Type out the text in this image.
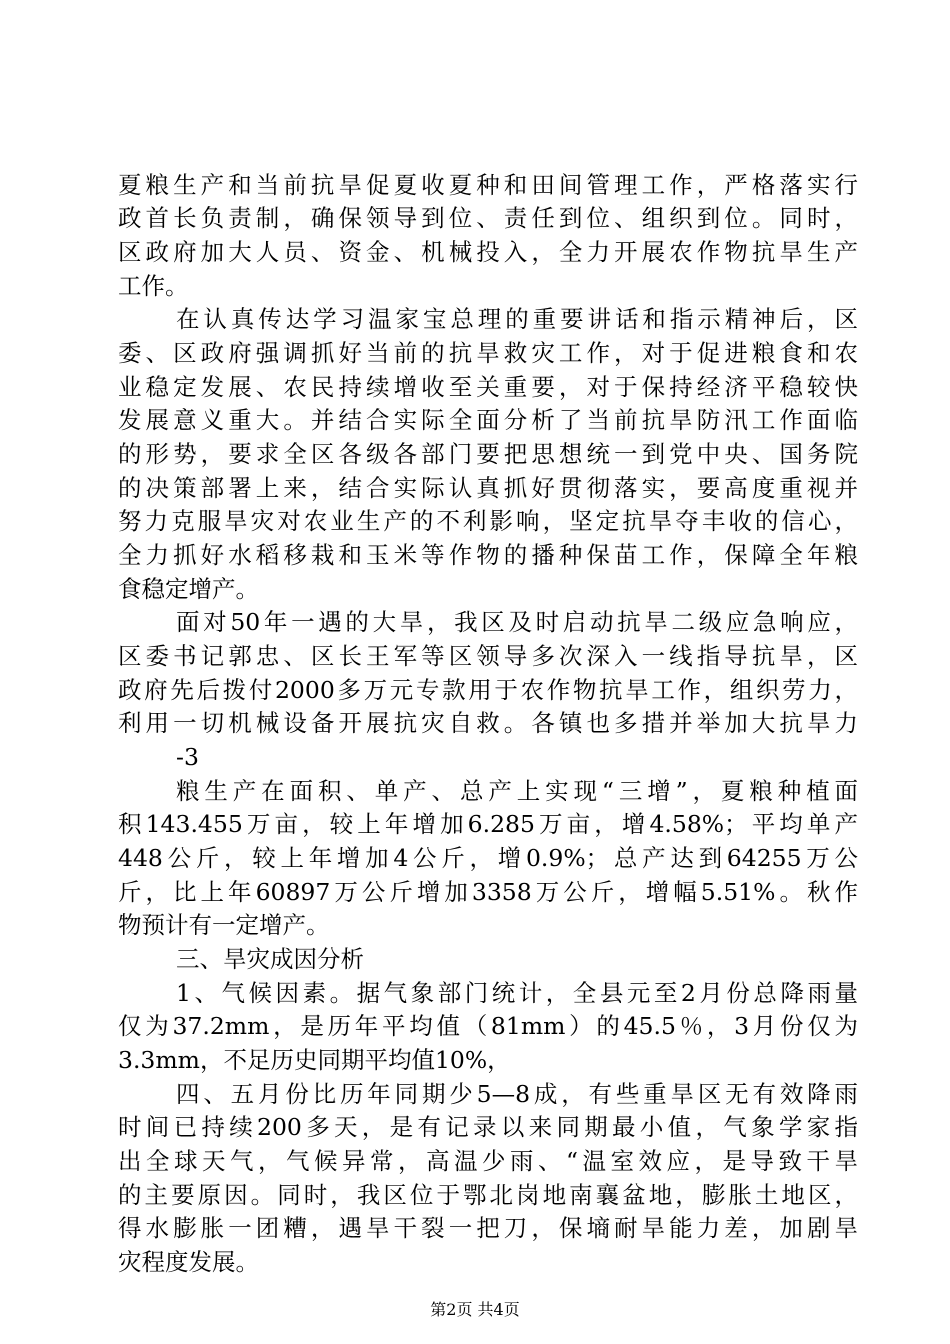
夏粮生产和当前抗旱促夏收夏种和田间管理工作，严格落实行
政首长负责制，确保领导到位、责任到位、组织到位。同时，
区政府加大人员、资金、机械投入，全力开展农作物抗旱生产
工作。
在认真传达学习温家宝总理的重要讲话和指示精神后，区
委、区政府强调抓好当前的抗旱救灾工作，对于促进粮食和农
业稳定发展、农民持续增收至关重要，对于保持经济平稳较快
发展意义重大。并结合实际全面分析了当前抗旱防汛工作面临
的形势，要求全区各级各部门要把思想统一到党中央、国务院
的决策部署上来，结合实际认真抓好贯彻落实，要高度重视并
努力克服旱灾对农业生产的不利影响，坚定抗旱夺丰收的信心，
全力抓好水稻移栽和玉米等作物的播种保苗工作，保障全年粮
食稳定增产。
面对50年一遇的大旱，我区及时启动抗旱二级应急响应，
区委书记郭忠、区长王军等区领导多次深入一线指导抗旱，区
政府先后拨付2000多万元专款用于农作物抗旱工作，组织劳力，
利用一切机械设备开展抗灾自救。各镇也多措并举加大抗旱力
-3
粮生产在面积、单产、总产上实现“三增”，夏粮种植面
积143.455万亩，较上年增加6.285万亩，增4.58%；平均单产
448公斤，较上年增加4公斤，增0.9%；总产达到64255万公
斤，比上年60897万公斤增加3358万公斤，增幅5.51%。秋作
物预计有一定增产。
三、旱灾成因分析
1、气候因素。据气象部门统计，全县元至2月份总降雨量
仅为37.2mm，是历年平均值（81mm）的45.5％，3月份仅为
3.3mm，不足历史同期平均值10%，
四、五月份比历年同期少5—8成，有些重旱区无有效降雨
时间已持续200多天，是有记录以来同期最小值，气象学家指
出全球天气，气候异常，高温少雨、“温室效应，是导致干旱
的主要原因。同时，我区位于鄂北岗地南襄盆地，膨胀土地区，
得水膨胀一团糟，遇旱干裂一把刀，保墒耐旱能力差，加剧旱
灾程度发展。
第2页 共4页
